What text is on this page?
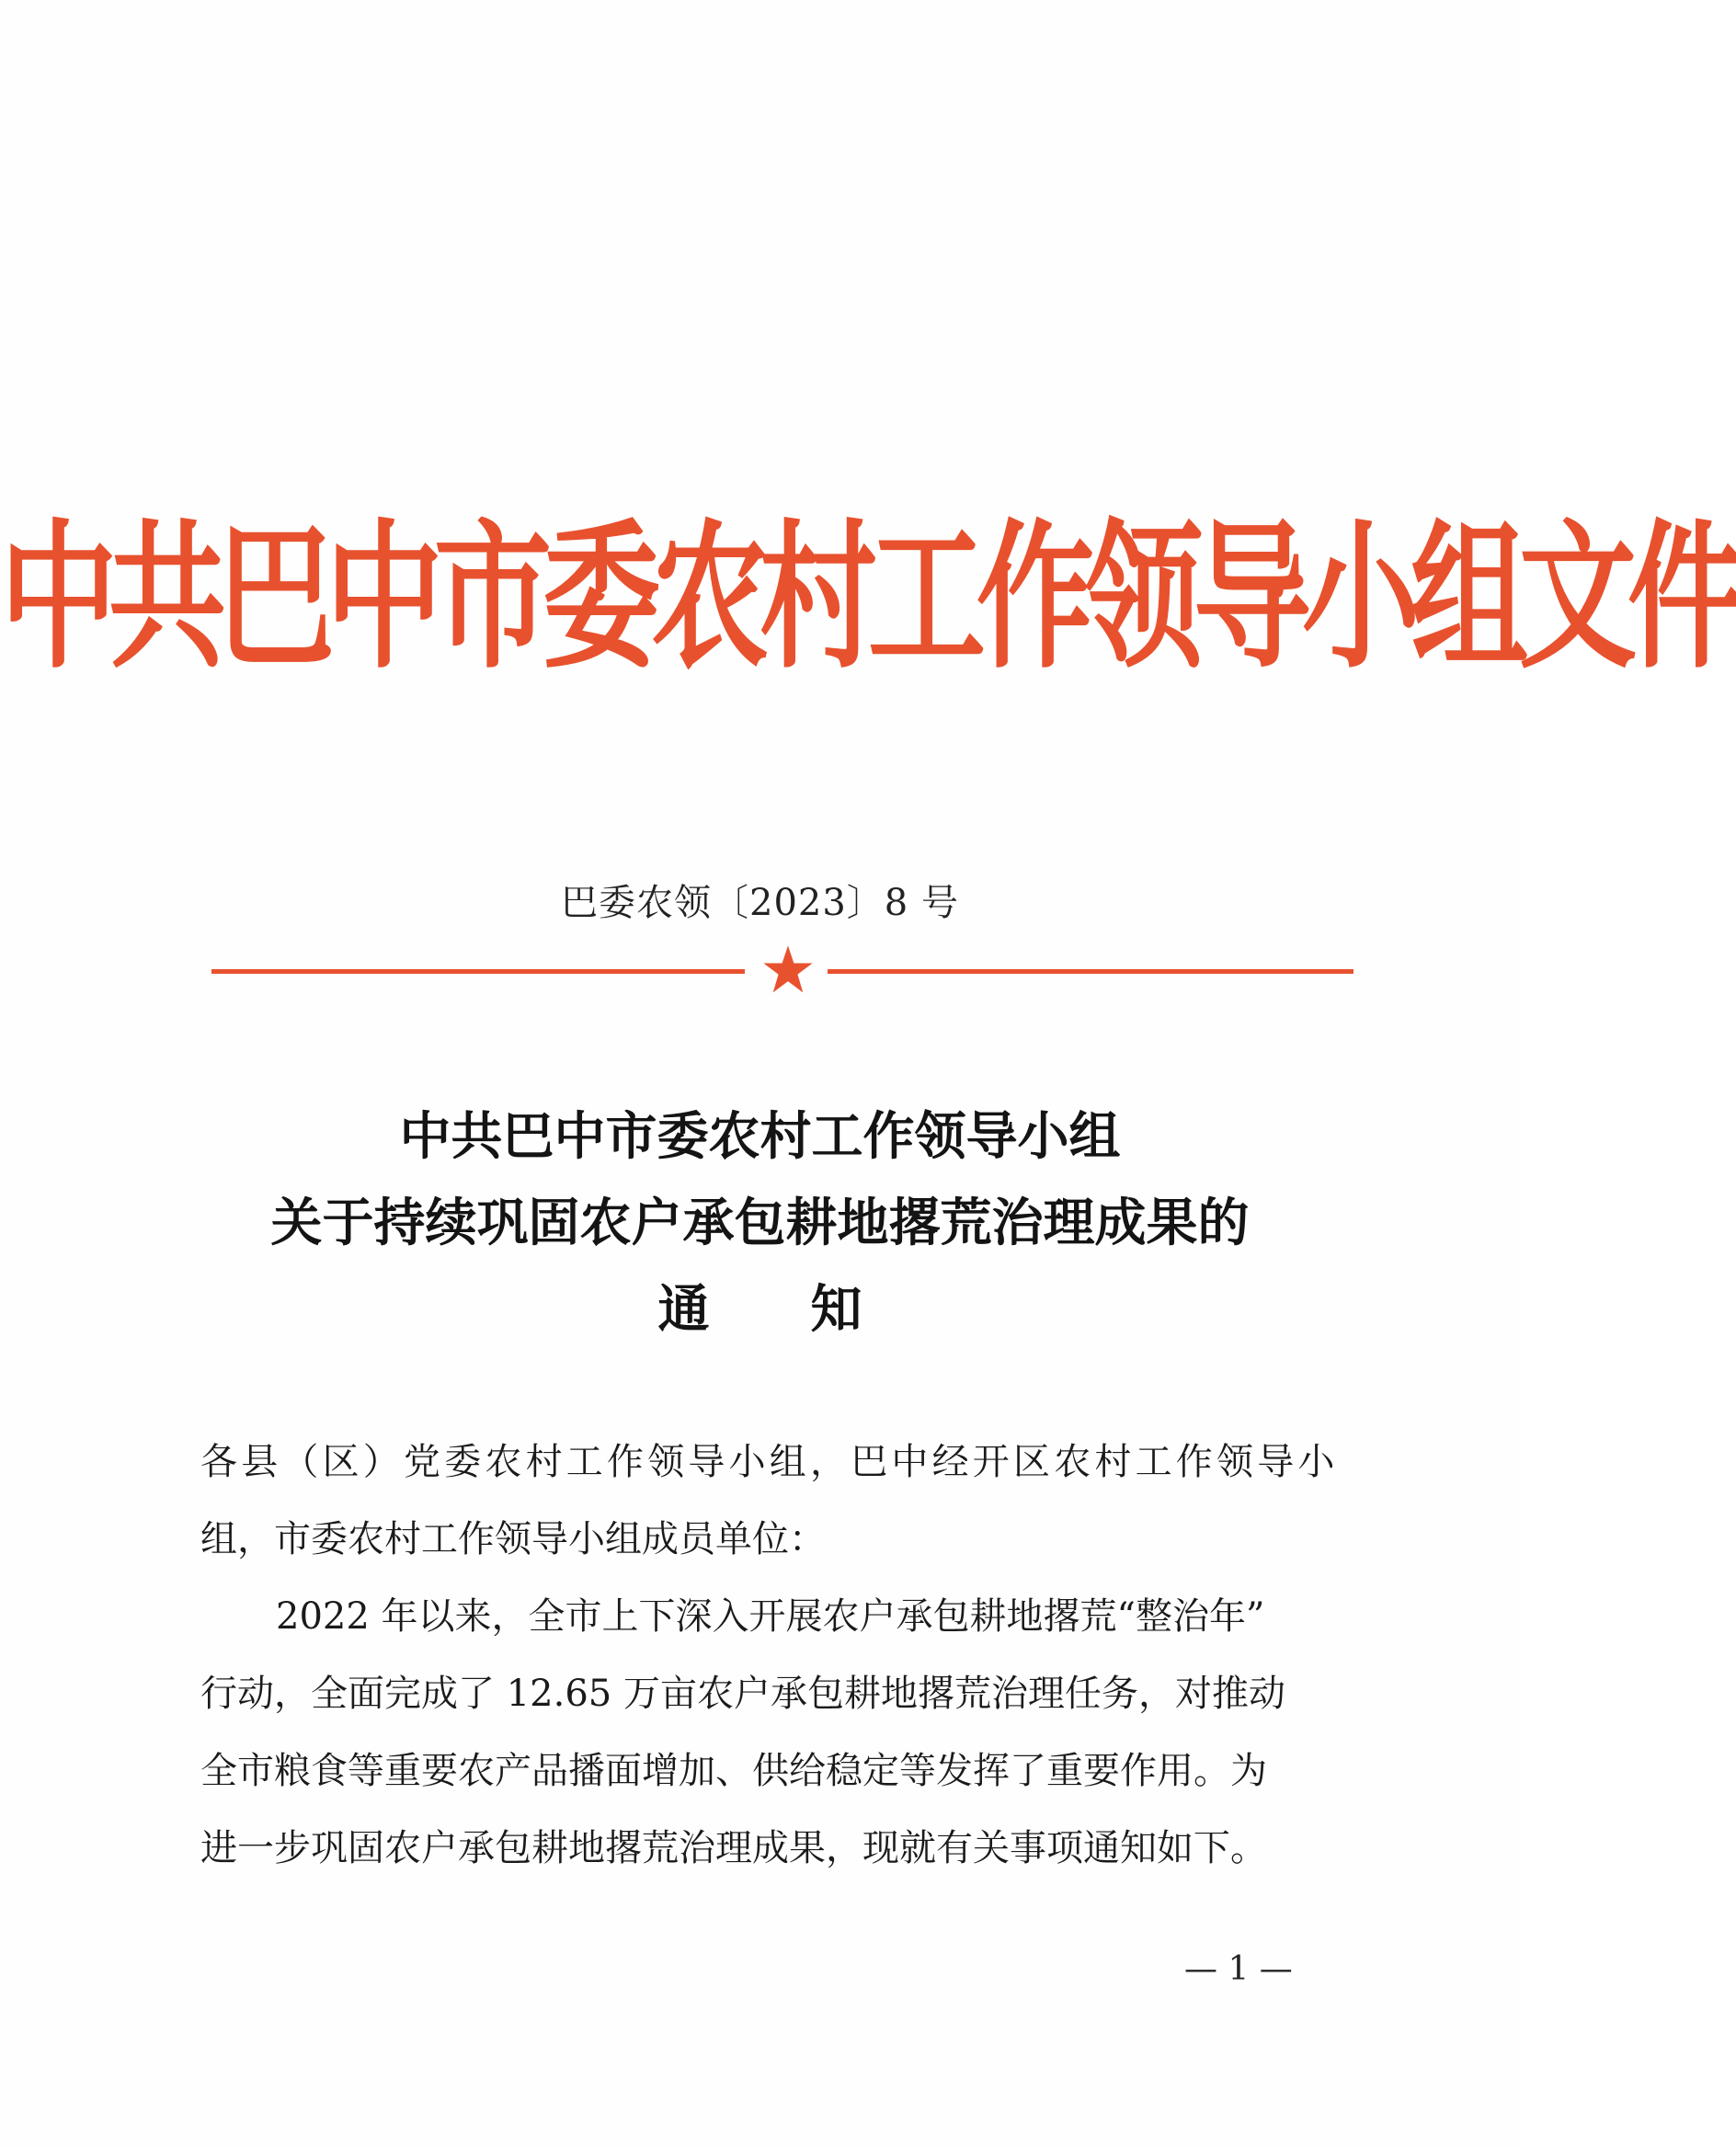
中共巴中市委农村工作领导小组文件
巴委农领〔2023〕8 号
中共巴中市委农村工作领导小组
关于持续巩固农户承包耕地撂荒治理成果的
通知
各县（区）党委农村工作领导小组，巴中经开区农村工作领导小
组，市委农村工作领导小组成员单位：
2022 年以来，全市上下深入开展农户承包耕地撂荒“整治年”
行动，全面完成了 12.65 万亩农户承包耕地撂荒治理任务，对推动
全市粮食等重要农产品播面增加、供给稳定等发挥了重要作用。为
进一步巩固农户承包耕地撂荒治理成果，现就有关事项通知如下。
— 1 —
